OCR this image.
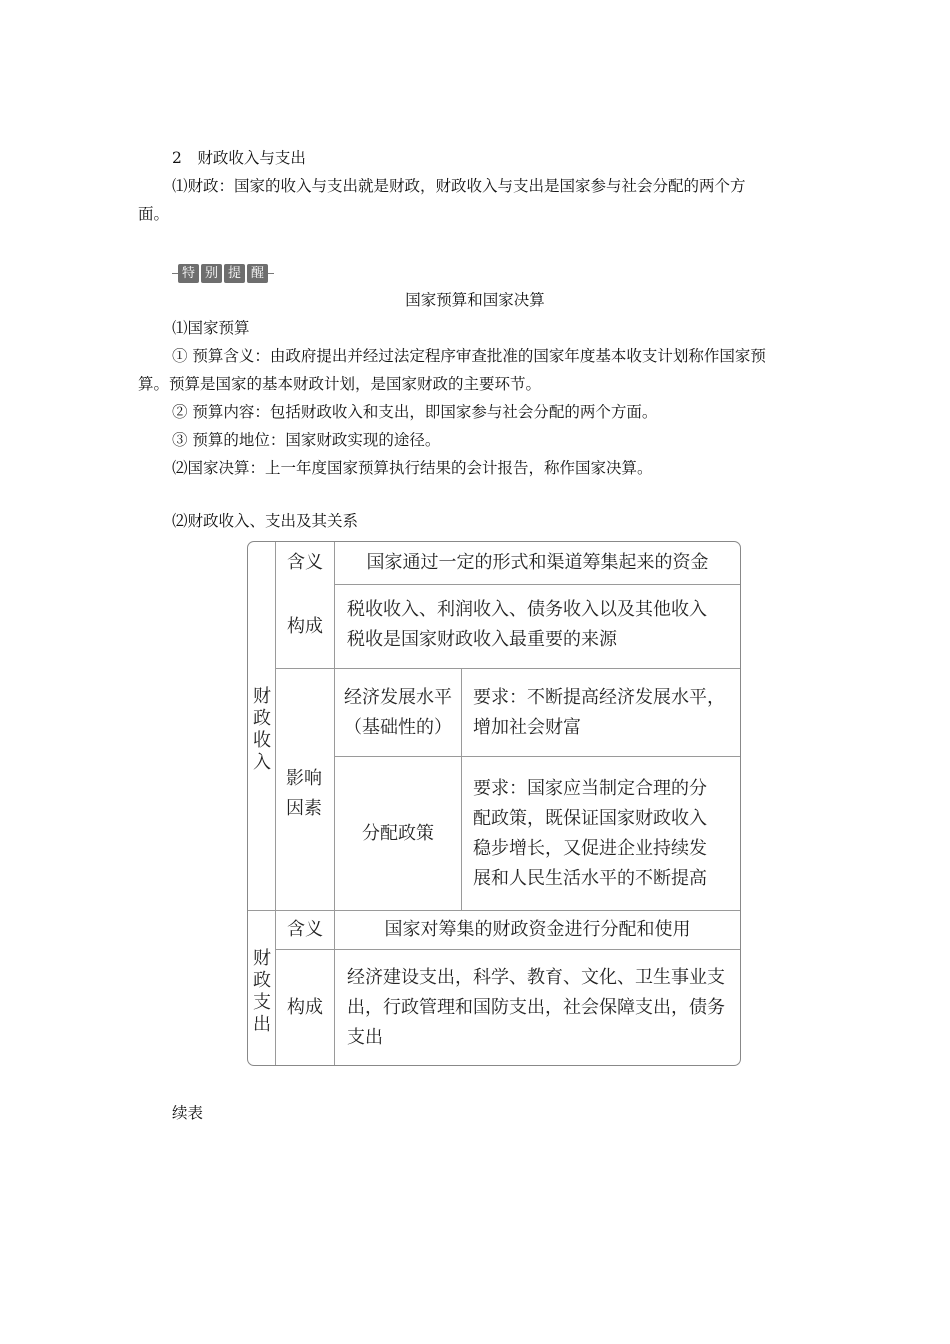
2　财政收入与支出
⑴财政：国家的收入与支出就是财政，财政收入与支出是国家参与社会分配的两个方
面。
特 别 提 醒
国家预算和国家决算
⑴国家预算
① 预算含义：由政府提出并经过法定程序审查批准的国家年度基本收支计划称作国家预
算。预算是国家的基本财政计划，是国家财政的主要环节。
② 预算内容：包括财政收入和支出，即国家参与社会分配的两个方面。
③ 预算的地位：国家财政实现的途径。
⑵国家决算：上一年度国家预算执行结果的会计报告，称作国家决算。
⑵财政收入、支出及其关系
财政收入
财政支出
含义	国家通过一定的形式和渠道筹集起来的资金
构成
税收收入、利润收入、债务收入以及其他收入
税收是国家财政收入最重要的来源
影响因素
经济发展水平
（基础性的）
要求：不断提高经济发展水平，
增加社会财富
分配政策
要求：国家应当制定合理的分
配政策，既保证国家财政收入
稳步增长，又促进企业持续发
展和人民生活水平的不断提高
含义	国家对筹集的财政资金进行分配和使用
构成
经济建设支出，科学、教育、文化、卫生事业支
出，行政管理和国防支出，社会保障支出，债务
支出
续表
